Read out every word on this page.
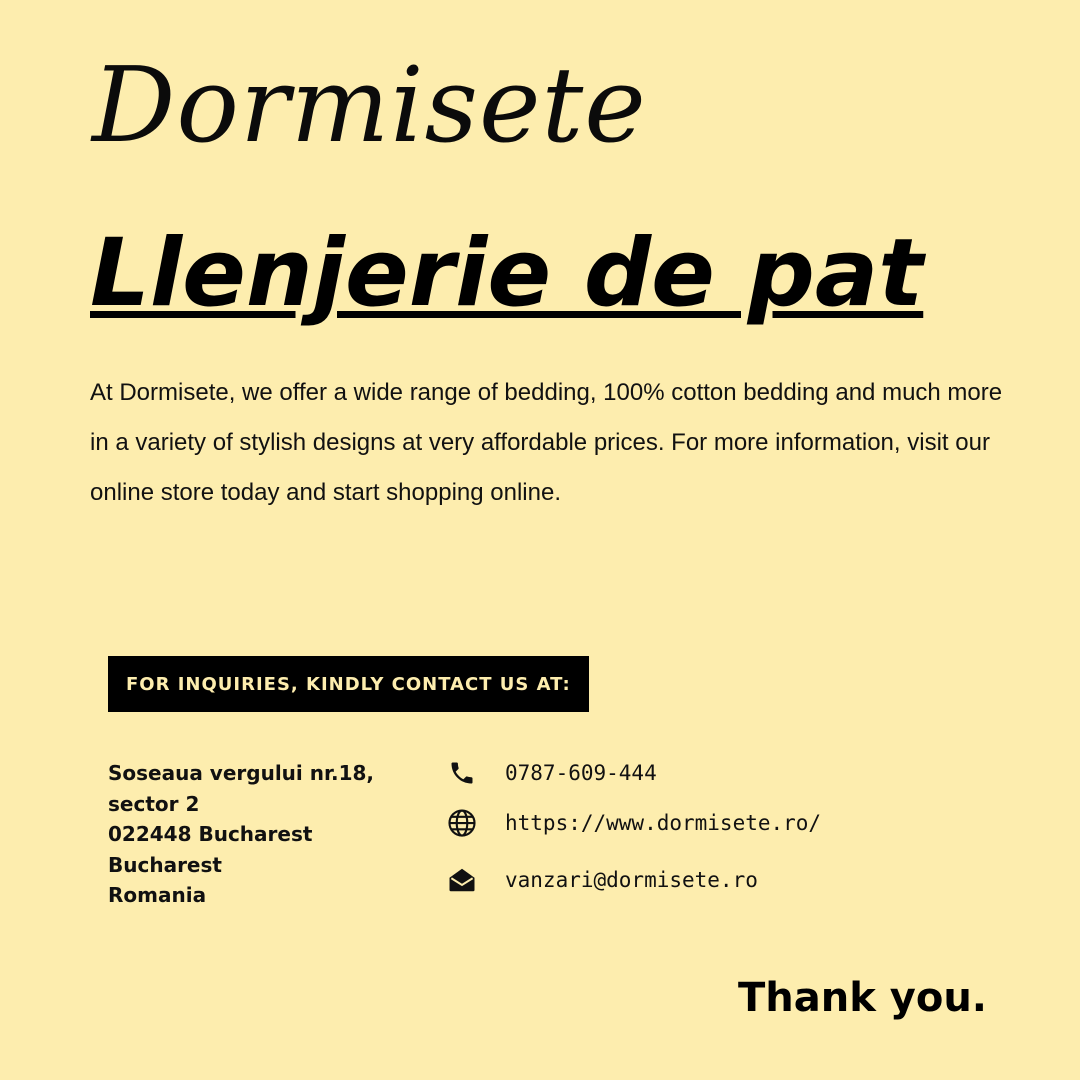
Dormisete
Llenjerie de pat

At Dormisete, we offer a wide range of bedding, 100% cotton bedding and much more in a variety of stylish designs at very affordable prices. For more information, visit our online store today and start shopping online.

FOR INQUIRIES, KINDLY CONTACT US AT:
Soseaua vergului nr.18,
sector 2
022448 Bucharest
Bucharest
Romania
0787-609-444
https://www.dormisete.ro/
vanzari@dormisete.ro
Thank you.
